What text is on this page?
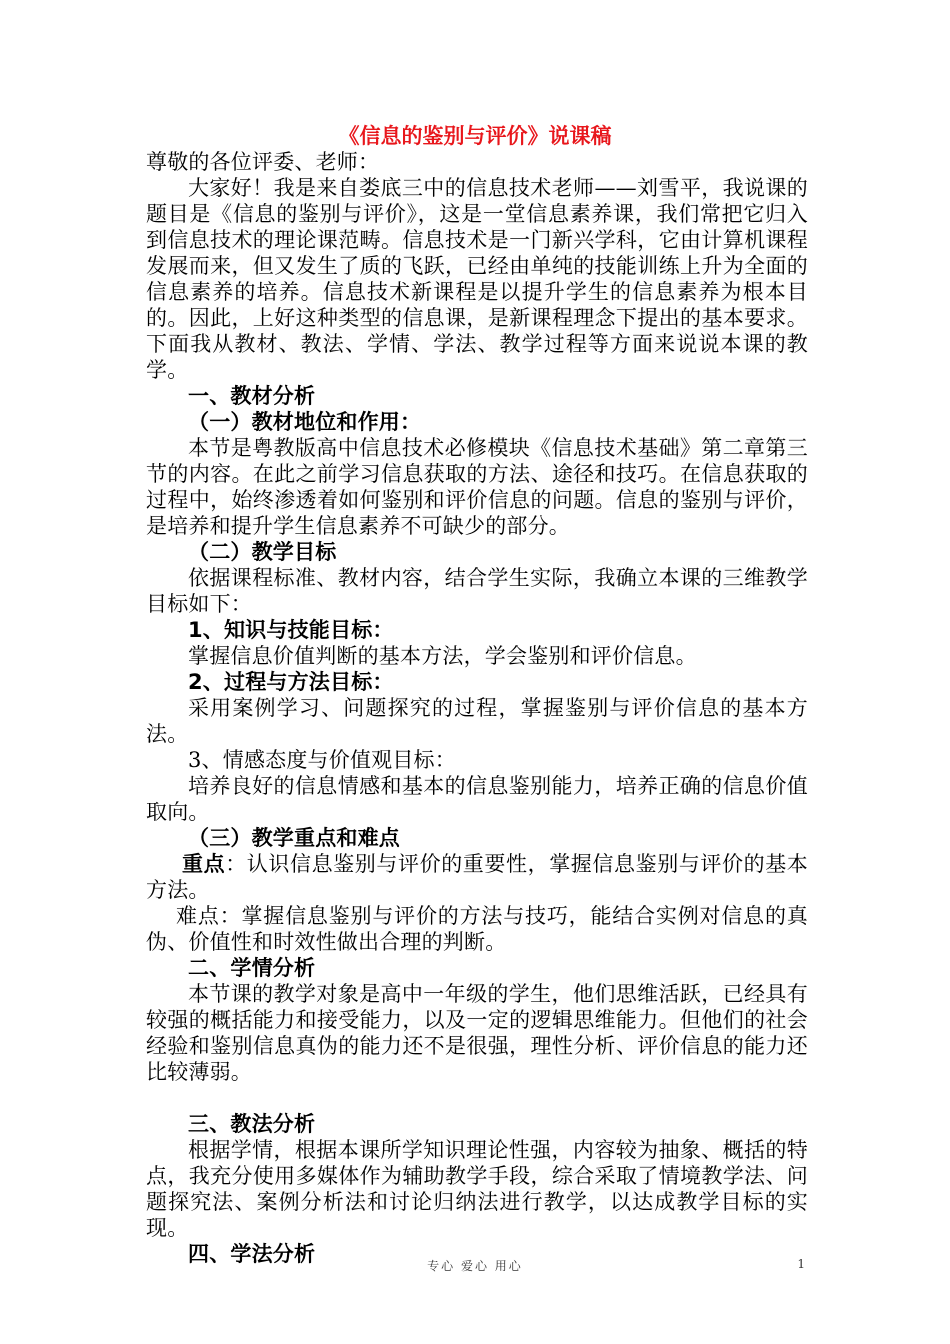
《信息的鉴别与评价》说课稿

尊敬的各位评委、老师：

大家好！我是来自娄底三中的信息技术老师——刘雪平，我说课的题目是《信息的鉴别与评价》，这是一堂信息素养课，我们常把它归入到信息技术的理论课范畴。信息技术是一门新兴学科，它由计算机课程发展而来，但又发生了质的飞跃，已经由单纯的技能训练上升为全面的信息素养的培养。信息技术新课程是以提升学生的信息素养为根本目的。因此，上好这种类型的信息课，是新课程理念下提出的基本要求。下面我从教材、教法、学情、学法、教学过程等方面来说说本课的教学。

一、教材分析

（一）教材地位和作用：

本节是粤教版高中信息技术必修模块《信息技术基础》第二章第三节的内容。在此之前学习信息获取的方法、途径和技巧。在信息获取的过程中，始终渗透着如何鉴别和评价信息的问题。信息的鉴别与评价，是培养和提升学生信息素养不可缺少的部分。

（二）教学目标

依据课程标准、教材内容，结合学生实际，我确立本课的三维教学目标如下：

1、知识与技能目标：

掌握信息价值判断的基本方法，学会鉴别和评价信息。

2、过程与方法目标：

采用案例学习、问题探究的过程，掌握鉴别与评价信息的基本方法。

3、情感态度与价值观目标：

培养良好的信息情感和基本的信息鉴别能力，培养正确的信息价值取向。

（三）教学重点和难点

重点：认识信息鉴别与评价的重要性，掌握信息鉴别与评价的基本方法。

难点：掌握信息鉴别与评价的方法与技巧，能结合实例对信息的真伪、价值性和时效性做出合理的判断。

二、学情分析

本节课的教学对象是高中一年级的学生，他们思维活跃，已经具有较强的概括能力和接受能力，以及一定的逻辑思维能力。但他们的社会经验和鉴别信息真伪的能力还不是很强，理性分析、评价信息的能力还比较薄弱。

三、教法分析

根据学情，根据本课所学知识理论性强，内容较为抽象、概括的特点，我充分使用多媒体作为辅助教学手段，综合采取了情境教学法、问题探究法、案例分析法和讨论归纳法进行教学，以达成教学目标的实现。

四、学法分析	专心 爱心 用心	1
